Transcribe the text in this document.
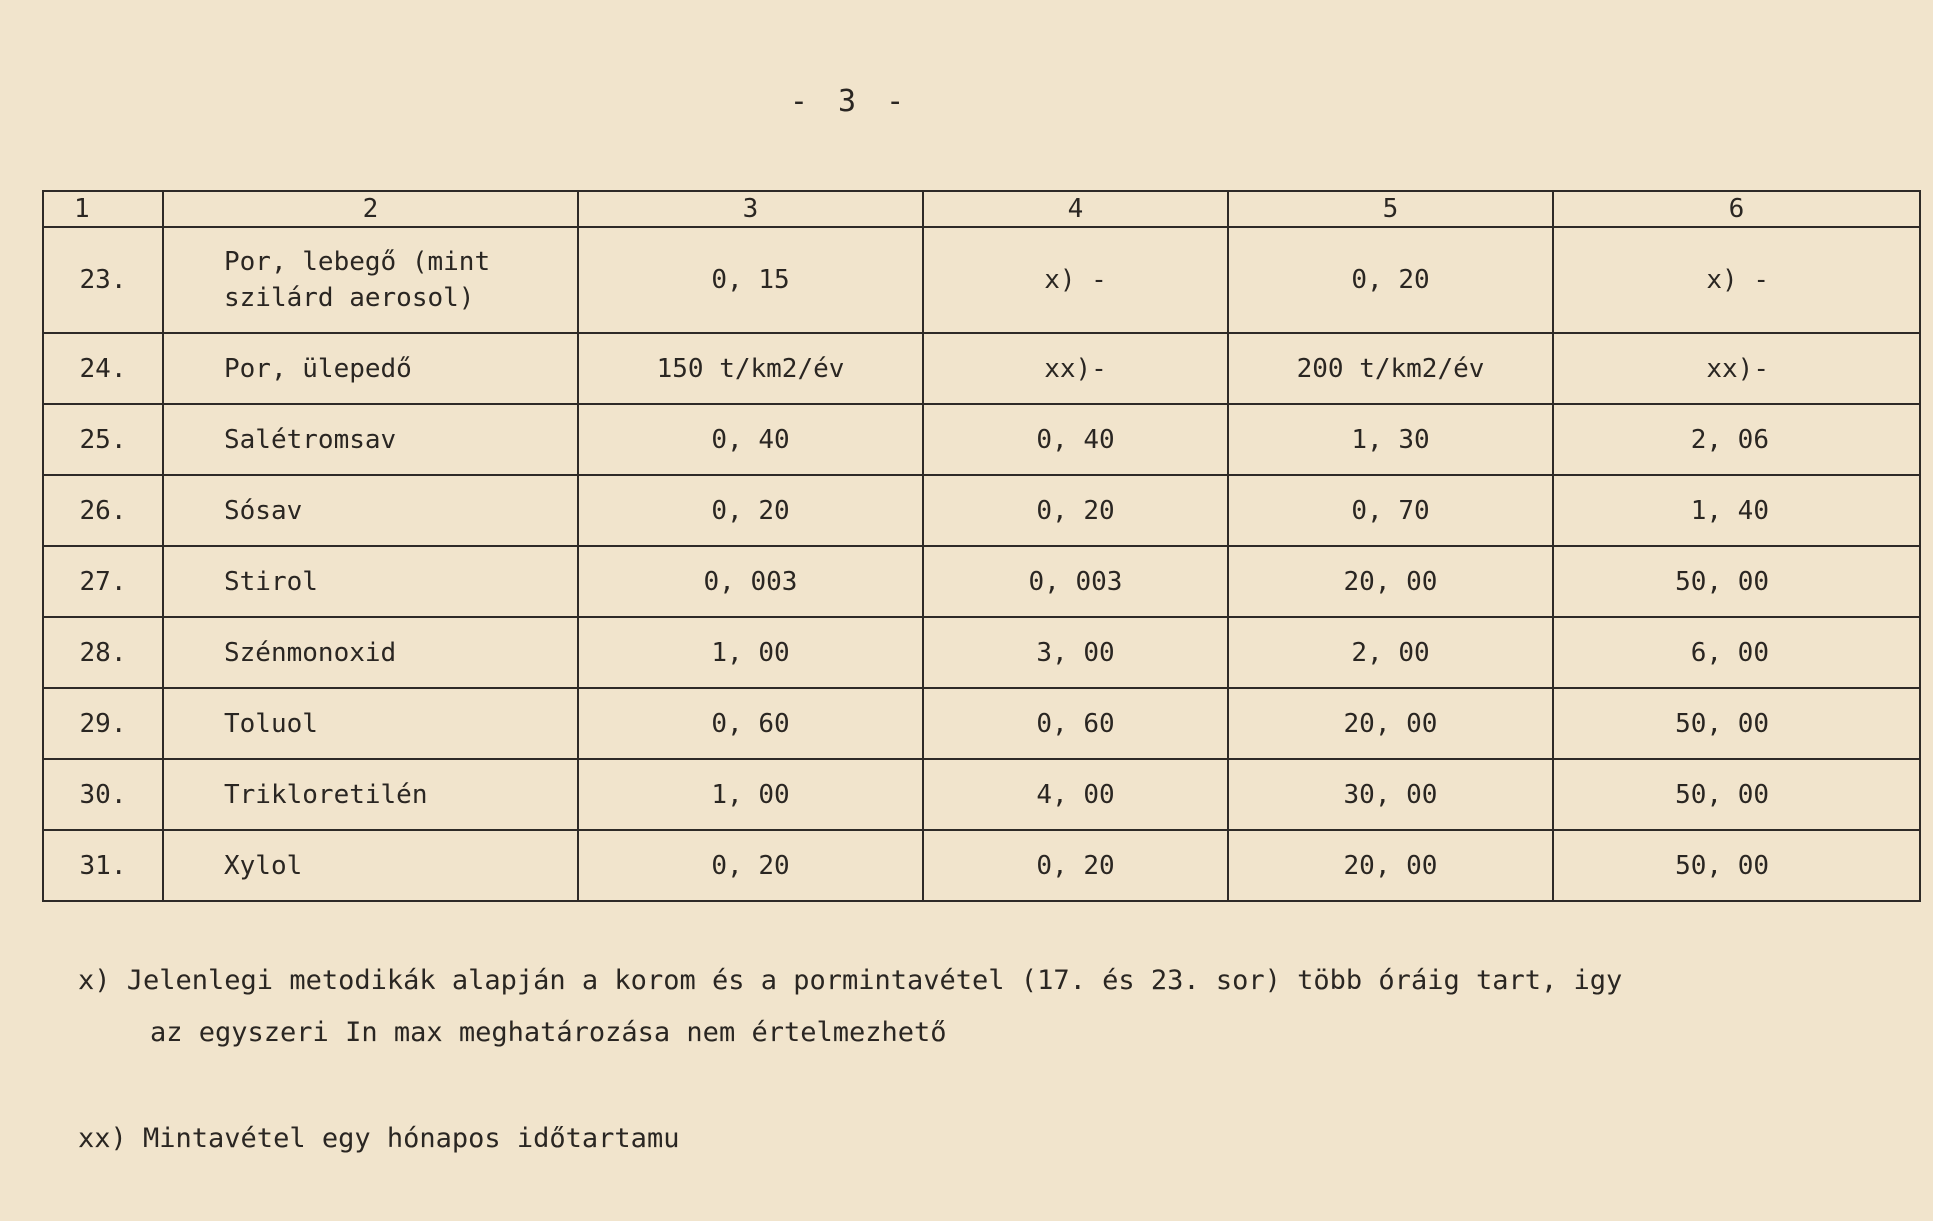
- 3 -
1	2	3	4	5	6
23.	Por, lebegő (mint szilárd aerosol)	0, 15	x) -	0, 20	x) -
24.	Por, ülepedő	150 t/km2/év	xx)-	200 t/km2/év	xx)-
25.	Salétromsav	0, 40	0, 40	1, 30	2, 06
26.	Sósav	0, 20	0, 20	0, 70	1, 40
27.	Stirol	0, 003	0, 003	20, 00	50, 00
28.	Szénmonoxid	1, 00	3, 00	2, 00	6, 00
29.	Toluol	0, 60	0, 60	20, 00	50, 00
30.	Trikloretilén	1, 00	4, 00	30, 00	50, 00
31.	Xylol	0, 20	0, 20	20, 00	50, 00
x) Jelenlegi metodikák alapján a korom és a pormintavétel (17. és 23. sor) több óráig tart, igy
az egyszeri In max meghatározása nem értelmezhető
xx) Mintavétel egy hónapos időtartamu
